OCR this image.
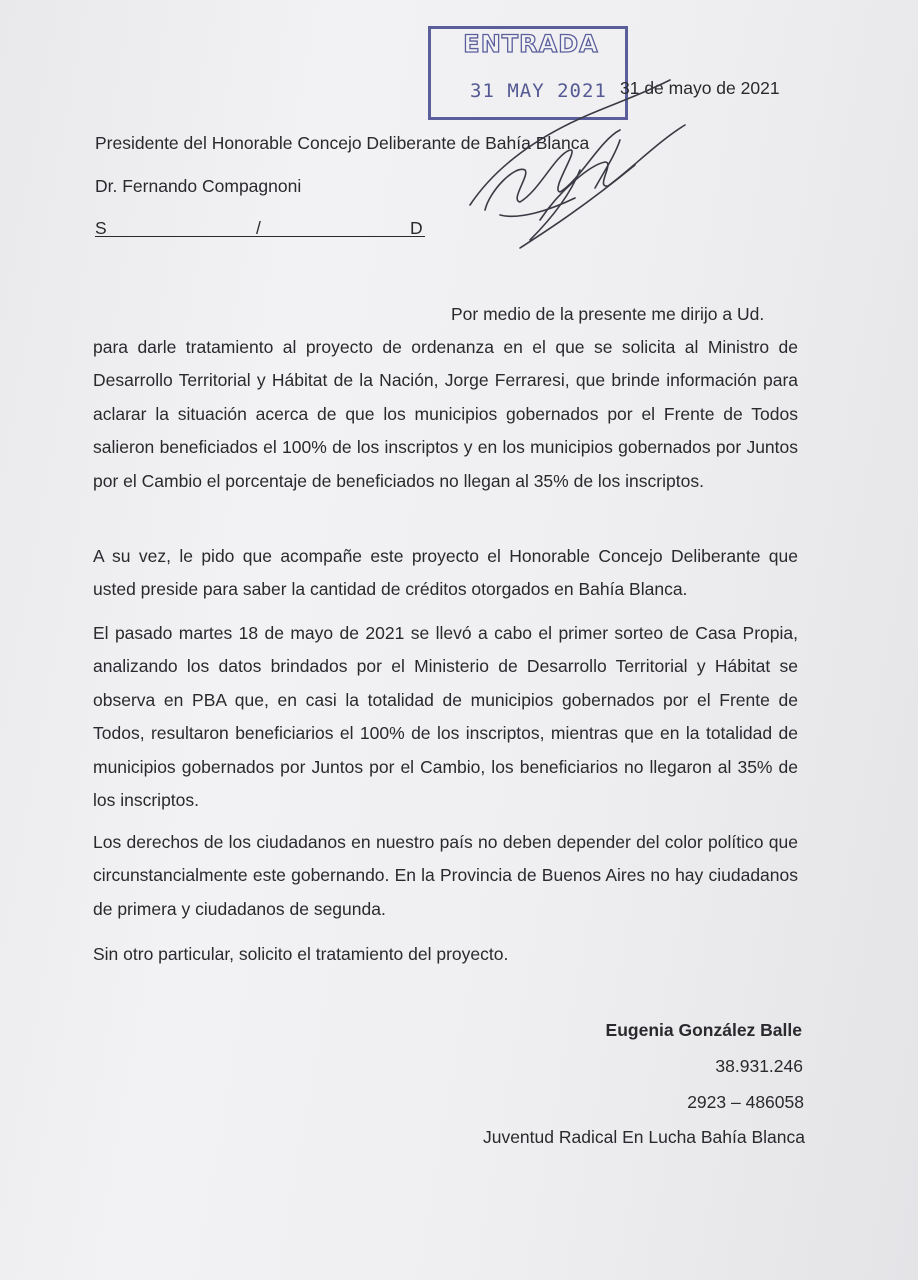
ENTRADA
31 MAY 2021 31 de mayo de 2021
Presidente del Honorable Concejo Deliberante de Bahía Blanca
Dr. Fernando Compagnoni
S	/	D
Por medio de la presente me dirijo a Ud.
para darle tratamiento al proyecto de ordenanza en el que se solicita al Ministro de Desarrollo Territorial y Hábitat de la Nación, Jorge Ferraresi, que brinde información para aclarar la situación acerca de que los municipios gobernados por el Frente de Todos salieron beneficiados el 100% de los inscriptos y en los municipios gobernados por Juntos por el Cambio el porcentaje de beneficiados no llegan al 35% de los inscriptos.
A su vez, le pido que acompañe este proyecto el Honorable Concejo Deliberante que usted preside para saber la cantidad de créditos otorgados en Bahía Blanca.
El pasado martes 18 de mayo de 2021 se llevó a cabo el primer sorteo de Casa Propia, analizando los datos brindados por el Ministerio de Desarrollo Territorial y Hábitat se observa en PBA que, en casi la totalidad de municipios gobernados por el Frente de Todos, resultaron beneficiarios el 100% de los inscriptos, mientras que en la totalidad de municipios gobernados por Juntos por el Cambio, los beneficiarios no llegaron al 35% de los inscriptos.
Los derechos de los ciudadanos en nuestro país no deben depender del color político que circunstancialmente este gobernando. En la Provincia de Buenos Aires no hay ciudadanos de primera y ciudadanos de segunda.
Sin otro particular, solicito el tratamiento del proyecto.
Eugenia González Balle
38.931.246
2923 – 486058
Juventud Radical En Lucha Bahía Blanca
